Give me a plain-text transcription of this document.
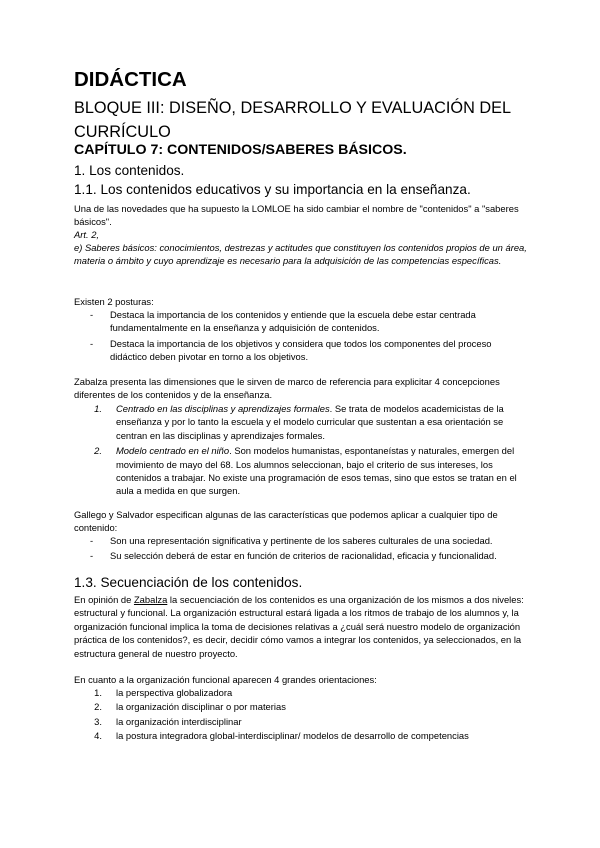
DIDÁCTICA
BLOQUE III: DISEÑO, DESARROLLO Y EVALUACIÓN DEL CURRÍCULO
CAPÍTULO 7: CONTENIDOS/SABERES BÁSICOS.
1. Los contenidos.
1.1. Los contenidos educativos y su importancia en la enseñanza.

Una de las novedades que ha supuesto la LOMLOE ha sido cambiar el nombre de "contenidos" a "saberes básicos".

Art. 2,

e) Saberes básicos: conocimientos, destrezas y actitudes que constituyen los contenidos propios de un área, materia o ámbito y cuyo aprendizaje es necesario para la adquisición de las competencias específicas.

Existen 2 posturas:

-	Destaca la importancia de los contenidos y entiende que la escuela debe estar centrada fundamentalmente en la enseñanza y adquisición de contenidos.
-	Destaca la importancia de los objetivos y considera que todos los componentes del proceso didáctico deben pivotar en torno a los objetivos.

Zabalza presenta las dimensiones que le sirven de marco de referencia para explicitar 4 concepciones diferentes de los contenidos y de la enseñanza.

1. Centrado en las disciplinas y aprendizajes formales. Se trata de modelos academicistas de la enseñanza y por lo tanto la escuela y el modelo curricular que sustentan a esa orientación se centran en las disciplinas y aprendizajes formales.
2. Modelo centrado en el niño. Son modelos humanistas, espontaneístas y naturales, emergen del movimiento de mayo del 68. Los alumnos seleccionan, bajo el criterio de sus intereses, los contenidos a trabajar. No existe una programación de esos temas, sino que estos se tratan en el aula a medida en que surgen.

Gallego y Salvador especifican algunas de las características que podemos aplicar a cualquier tipo de contenido:

-	Son una representación significativa y pertinente de los saberes culturales de una sociedad.
-	Su selección deberá de estar en función de criterios de racionalidad, eficacia y funcionalidad.
1.3. Secuenciación de los contenidos.

En opinión de Zabalza la secuenciación de los contenidos es una organización de los mismos a dos niveles: estructural y funcional. La organización estructural estará ligada a los ritmos de trabajo de los alumnos y, la organización funcional implica la toma de decisiones relativas a ¿cuál será nuestro modelo de organización práctica de los contenidos?, es decir, decidir cómo vamos a integrar los contenidos, ya seleccionados, en la estructura general de nuestro proyecto.

En cuanto a la organización funcional aparecen 4 grandes orientaciones:

1. la perspectiva globalizadora
2. la organización disciplinar o por materias
3. la organización interdisciplinar
4. la postura integradora global-interdisciplinar/ modelos de desarrollo de competencias
